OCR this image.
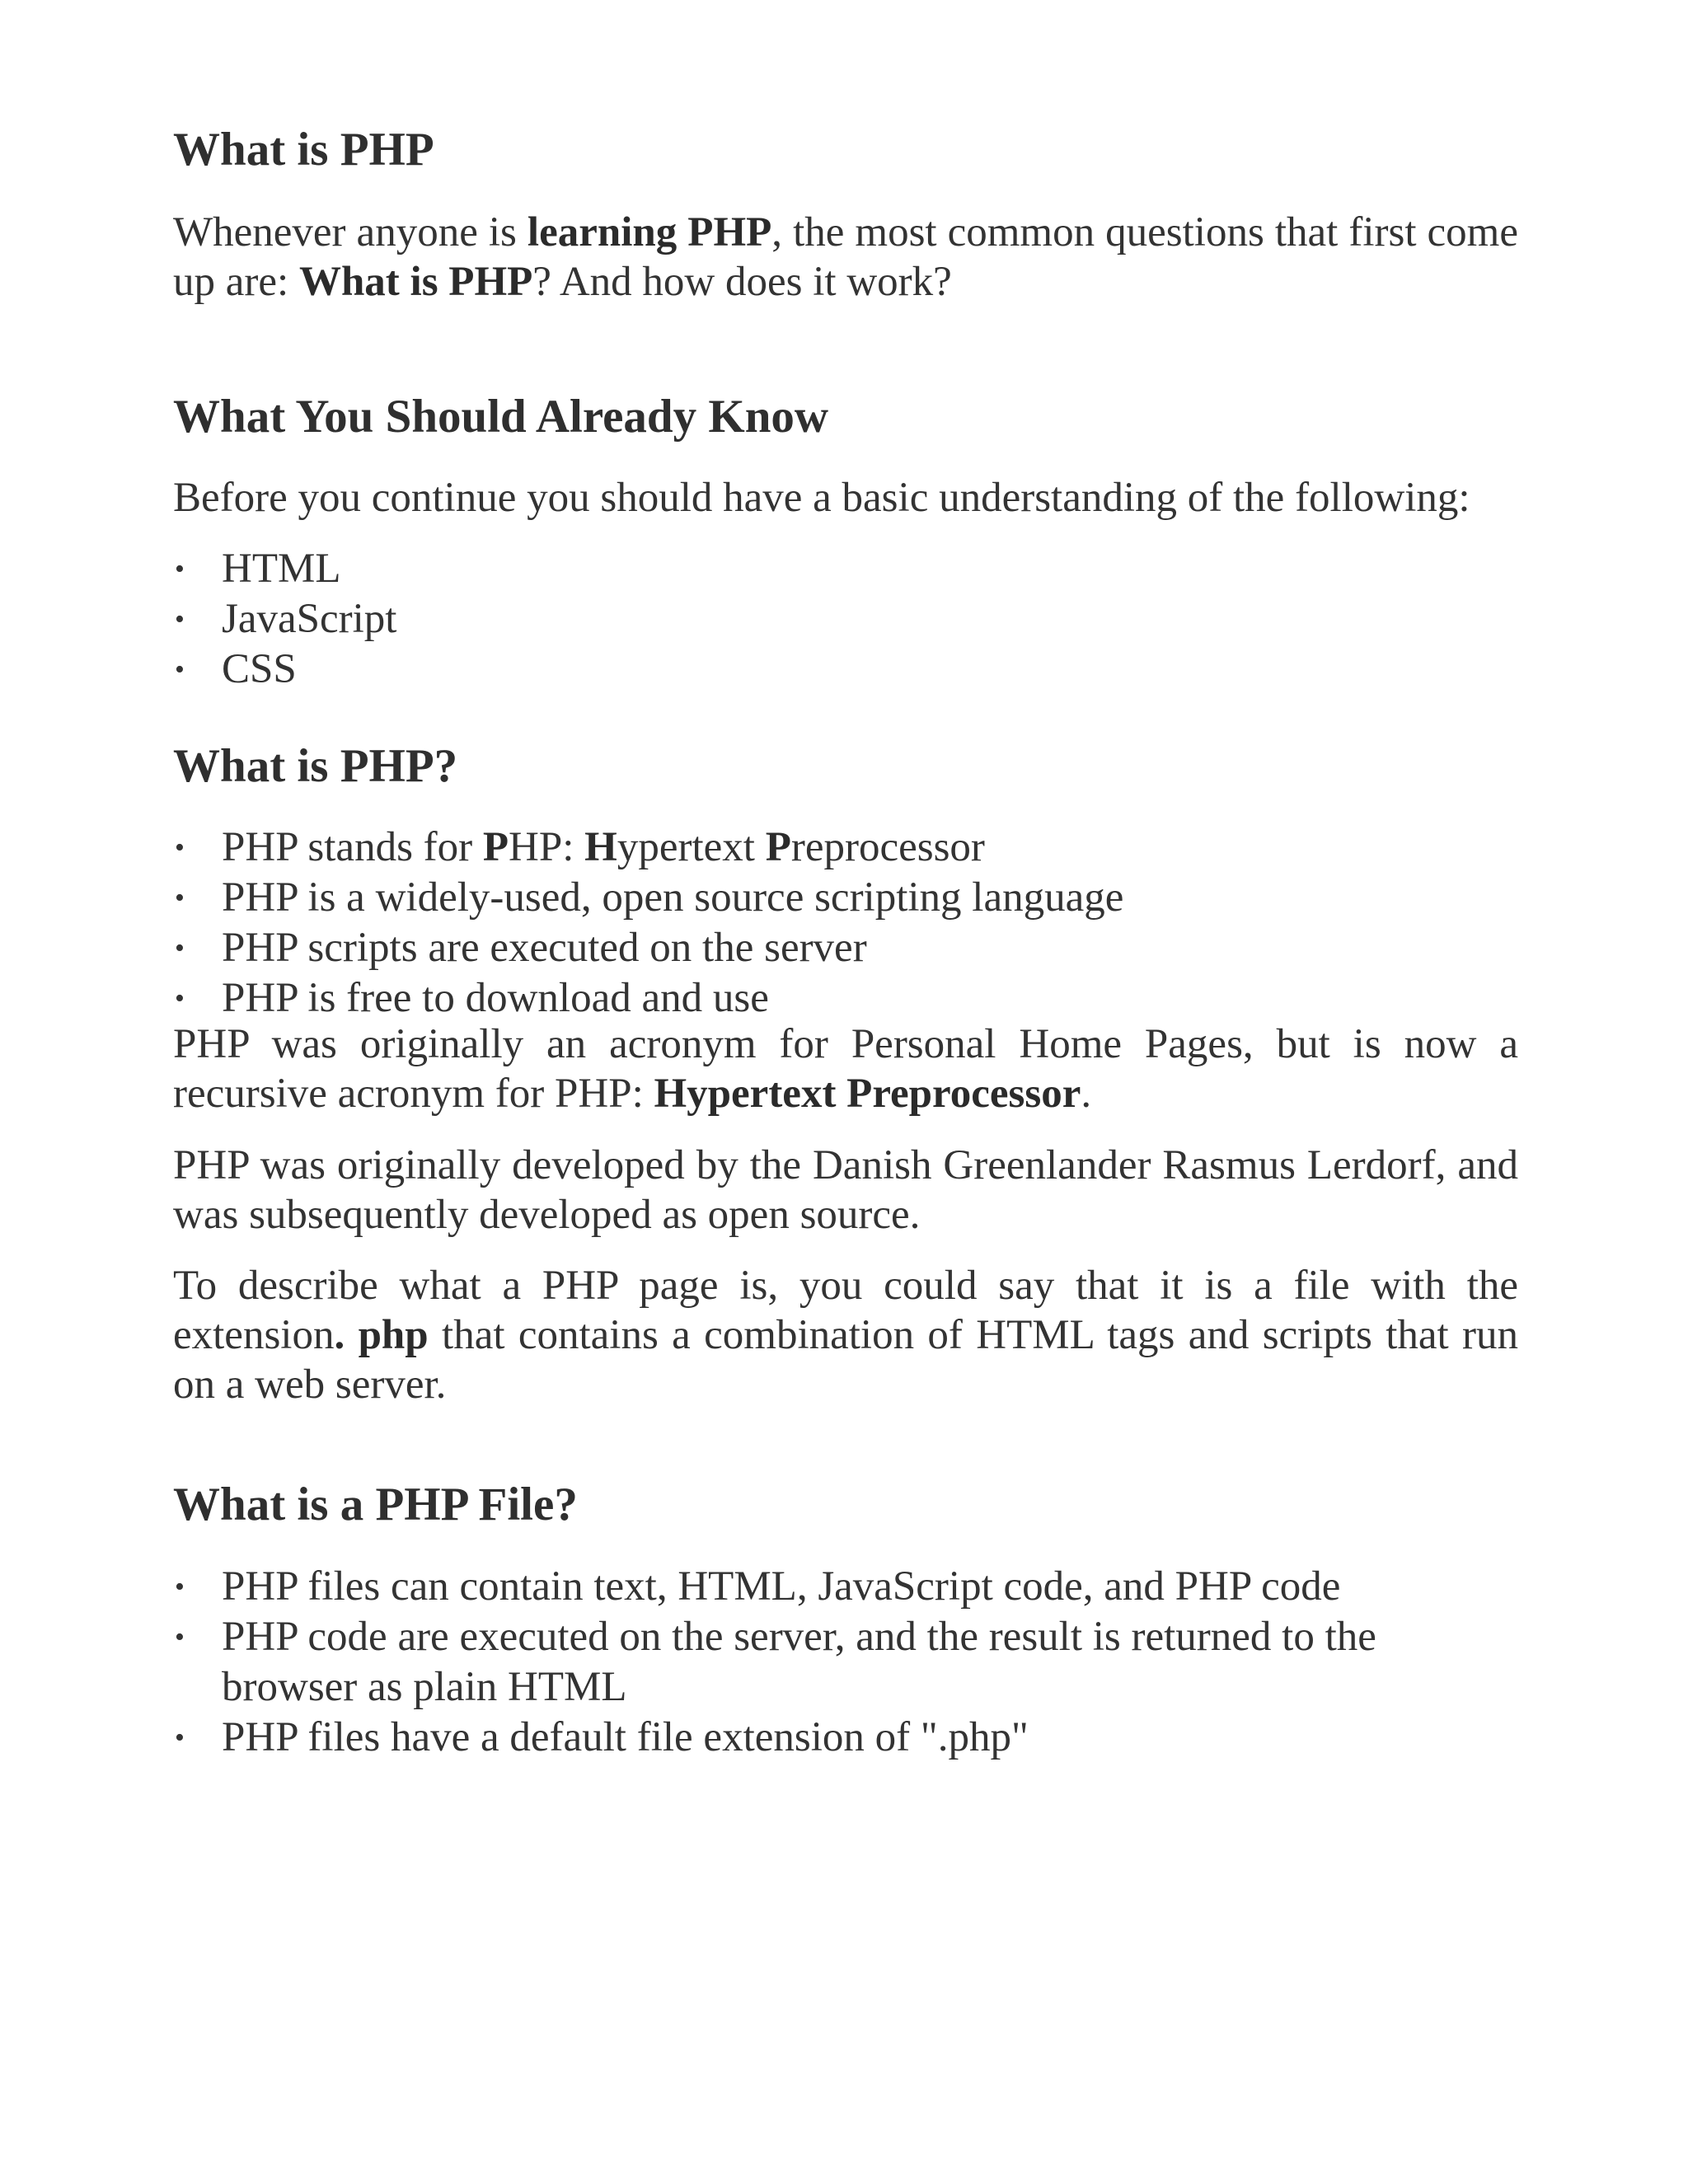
What is PHP

Whenever anyone is learning PHP, the most common questions that first come up are: What is PHP? And how does it work?

What You Should Already Know

Before you continue you should have a basic understanding of the following:

• HTML
• JavaScript
• CSS
What is PHP?
• PHP stands for PHP: Hypertext Preprocessor
• PHP is a widely-used, open source scripting language
• PHP scripts are executed on the server
• PHP is free to download and use

PHP was originally an acronym for Personal Home Pages, but is now a recursive acronym for PHP: Hypertext Preprocessor.

PHP was originally developed by the Danish Greenlander Rasmus Lerdorf, and was subsequently developed as open source.

To describe what a PHP page is, you could say that it is a file with the extension. php that contains a combination of HTML tags and scripts that run on a web server.

What is a PHP File?
• PHP files can contain text, HTML, JavaScript code, and PHP code
• PHP code are executed on the server, and the result is returned to the browser as plain HTML
• PHP files have a default file extension of ".php"
